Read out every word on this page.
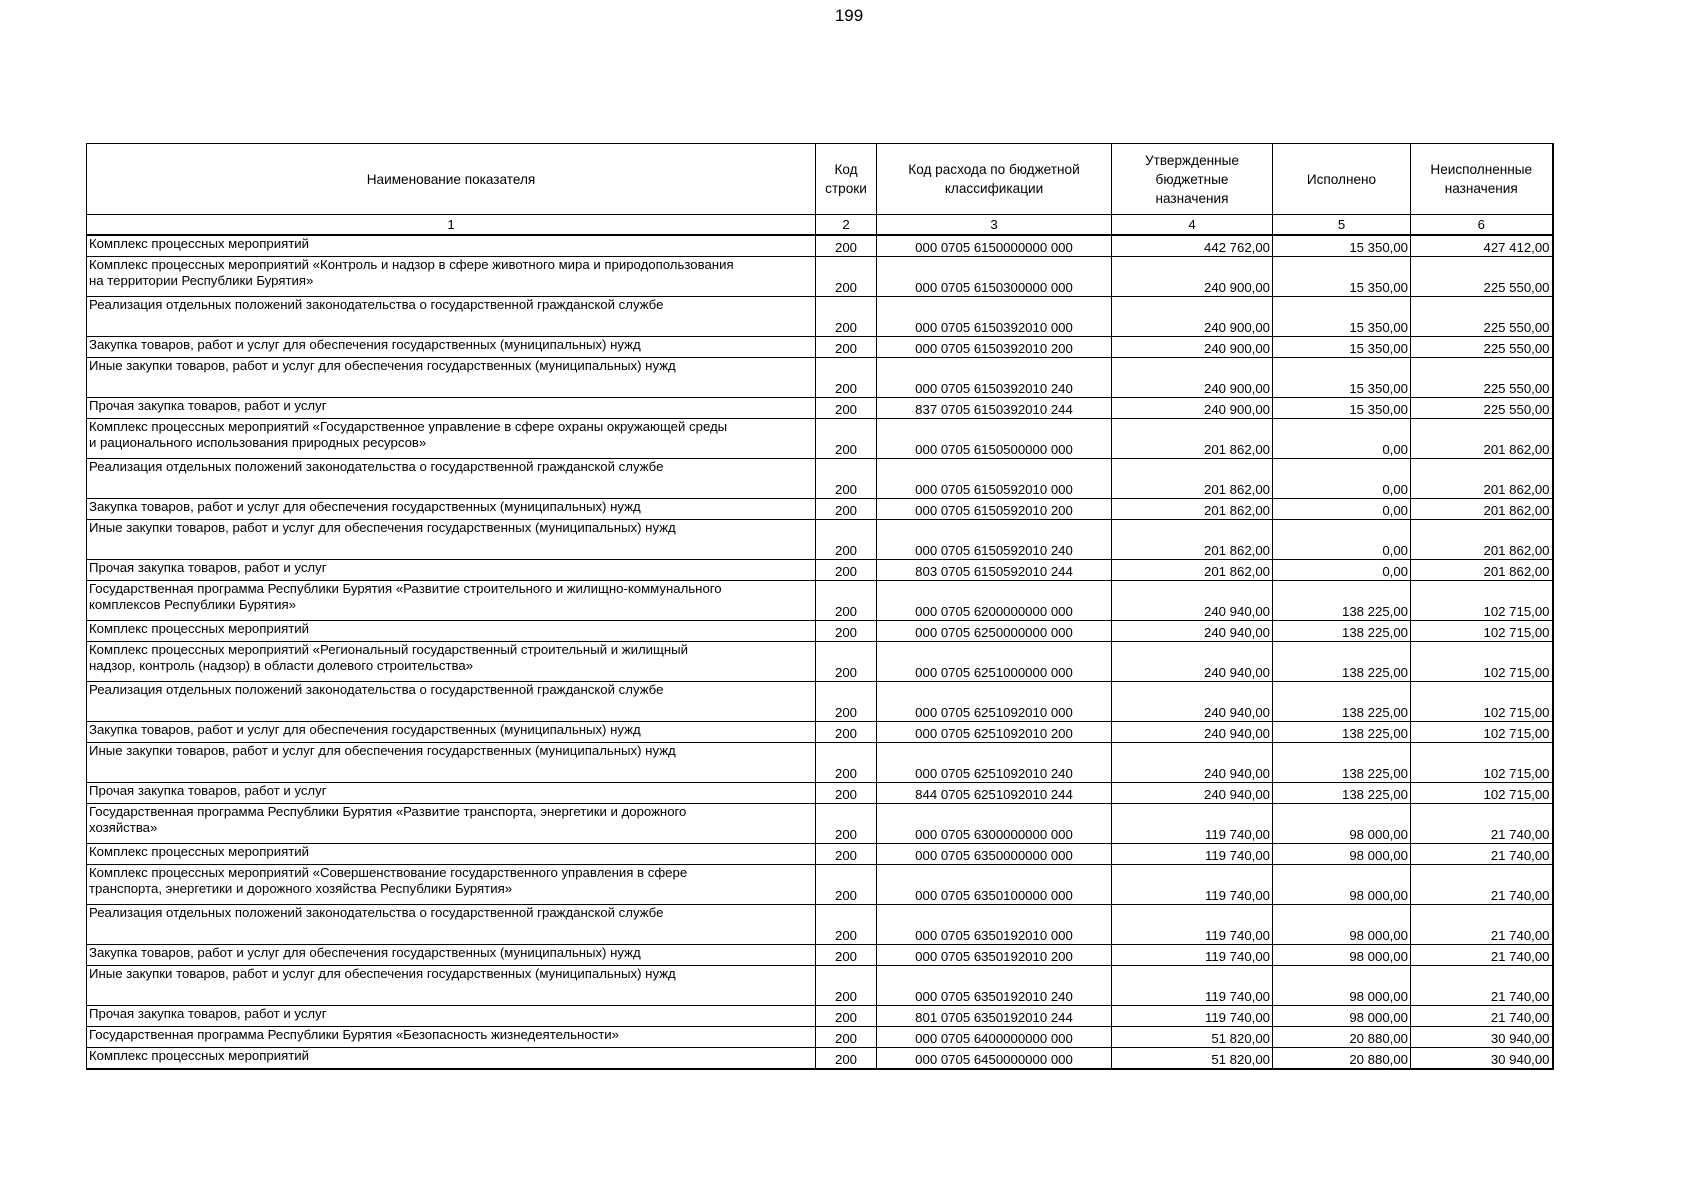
199
Наименование показателя	Код строки	Код расхода по бюджетной классификации	Утвержденные бюджетные назначения	Исполнено	Неисполненные назначения
1	2	3	4	5	6

Комплекс процессных мероприятий	200	000 0705 6150000000 000	442 762,00	15 350,00	427 412,00

Комплекс процессных мероприятий «Контроль и надзор в сфере животного мира и природопользования
на территории Республики Бурятия»	200	000 0705 6150300000 000	240 900,00	15 350,00	225 550,00

Реализация отдельных положений законодательства о государственной гражданской службе	200	000 0705 6150392010 000	240 900,00	15 350,00	225 550,00

Закупка товаров, работ и услуг для обеспечения государственных (муниципальных) нужд	200	000 0705 6150392010 200	240 900,00	15 350,00	225 550,00

Иные закупки товаров, работ и услуг для обеспечения государственных (муниципальных) нужд	200	000 0705 6150392010 240	240 900,00	15 350,00	225 550,00

Прочая закупка товаров, работ и услуг	200	837 0705 6150392010 244	240 900,00	15 350,00	225 550,00

Комплекс процессных мероприятий «Государственное управление в сфере охраны окружающей среды
и рационального использования природных ресурсов»	200	000 0705 6150500000 000	201 862,00	0,00	201 862,00

Реализация отдельных положений законодательства о государственной гражданской службе	200	000 0705 6150592010 000	201 862,00	0,00	201 862,00

Закупка товаров, работ и услуг для обеспечения государственных (муниципальных) нужд	200	000 0705 6150592010 200	201 862,00	0,00	201 862,00

Иные закупки товаров, работ и услуг для обеспечения государственных (муниципальных) нужд	200	000 0705 6150592010 240	201 862,00	0,00	201 862,00

Прочая закупка товаров, работ и услуг	200	803 0705 6150592010 244	201 862,00	0,00	201 862,00

Государственная программа Республики Бурятия «Развитие строительного и жилищно-коммунального
комплексов Республики Бурятия»	200	000 0705 6200000000 000	240 940,00	138 225,00	102 715,00

Комплекс процессных мероприятий	200	000 0705 6250000000 000	240 940,00	138 225,00	102 715,00

Комплекс процессных мероприятий «Региональный государственный строительный и жилищный
надзор, контроль (надзор) в области долевого строительства»	200	000 0705 6251000000 000	240 940,00	138 225,00	102 715,00

Реализация отдельных положений законодательства о государственной гражданской службе	200	000 0705 6251092010 000	240 940,00	138 225,00	102 715,00

Закупка товаров, работ и услуг для обеспечения государственных (муниципальных) нужд	200	000 0705 6251092010 200	240 940,00	138 225,00	102 715,00

Иные закупки товаров, работ и услуг для обеспечения государственных (муниципальных) нужд	200	000 0705 6251092010 240	240 940,00	138 225,00	102 715,00

Прочая закупка товаров, работ и услуг	200	844 0705 6251092010 244	240 940,00	138 225,00	102 715,00

Государственная программа Республики Бурятия «Развитие транспорта, энергетики и дорожного
хозяйства»	200	000 0705 6300000000 000	119 740,00	98 000,00	21 740,00

Комплекс процессных мероприятий	200	000 0705 6350000000 000	119 740,00	98 000,00	21 740,00

Комплекс процессных мероприятий «Совершенствование государственного управления в сфере
транспорта, энергетики и дорожного хозяйства Республики Бурятия»	200	000 0705 6350100000 000	119 740,00	98 000,00	21 740,00

Реализация отдельных положений законодательства о государственной гражданской службе	200	000 0705 6350192010 000	119 740,00	98 000,00	21 740,00

Закупка товаров, работ и услуг для обеспечения государственных (муниципальных) нужд	200	000 0705 6350192010 200	119 740,00	98 000,00	21 740,00

Иные закупки товаров, работ и услуг для обеспечения государственных (муниципальных) нужд	200	000 0705 6350192010 240	119 740,00	98 000,00	21 740,00

Прочая закупка товаров, работ и услуг	200	801 0705 6350192010 244	119 740,00	98 000,00	21 740,00

Государственная программа Республики Бурятия «Безопасность жизнедеятельности»	200	000 0705 6400000000 000	51 820,00	20 880,00	30 940,00

Комплекс процессных мероприятий	200	000 0705 6450000000 000	51 820,00	20 880,00	30 940,00
